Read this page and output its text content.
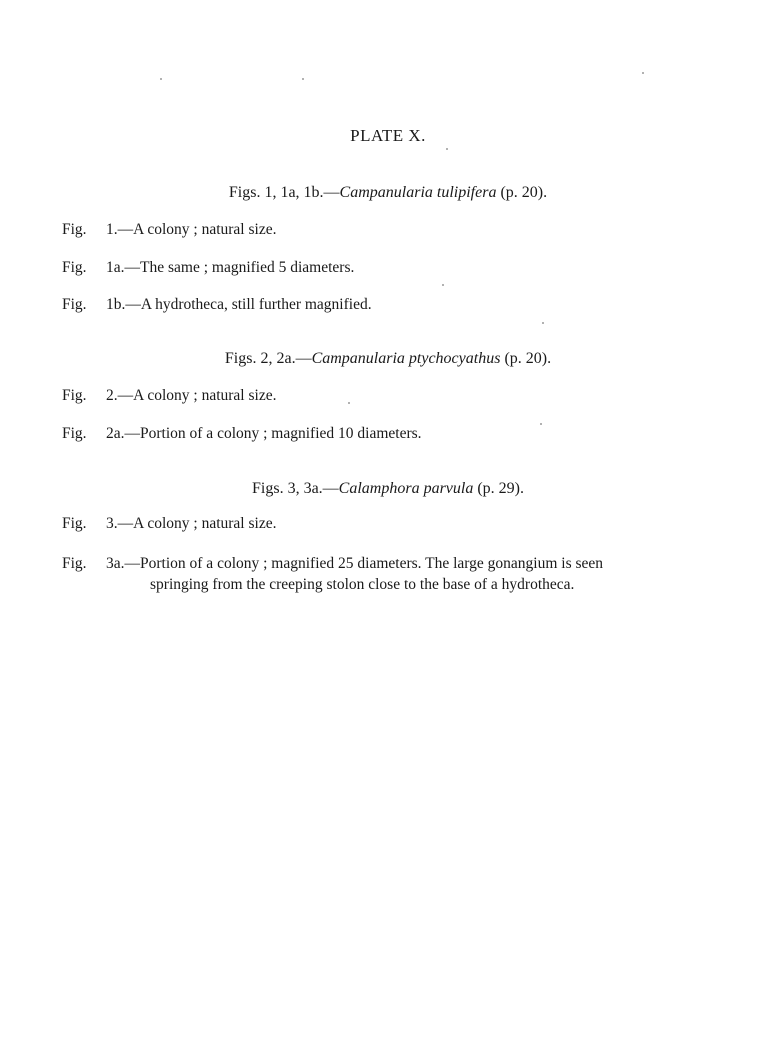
PLATE X.
Figs. 1, 1a, 1b.—Campanularia tulipifera (p. 20).
Fig. 1.—A colony ; natural size.
Fig. 1a.—The same ; magnified 5 diameters.
Fig. 1b.—A hydrotheca, still further magnified.
Figs. 2, 2a.—Campanularia ptychocyathus (p. 20).
Fig. 2.—A colony ; natural size.
Fig. 2a.—Portion of a colony ; magnified 10 diameters.
Figs. 3, 3a.—Calamphora parvula (p. 29).
Fig. 3.—A colony ; natural size.
Fig. 3a.—Portion of a colony ; magnified 25 diameters. The large gonangium is seen
springing from the creeping stolon close to the base of a hydrotheca.
